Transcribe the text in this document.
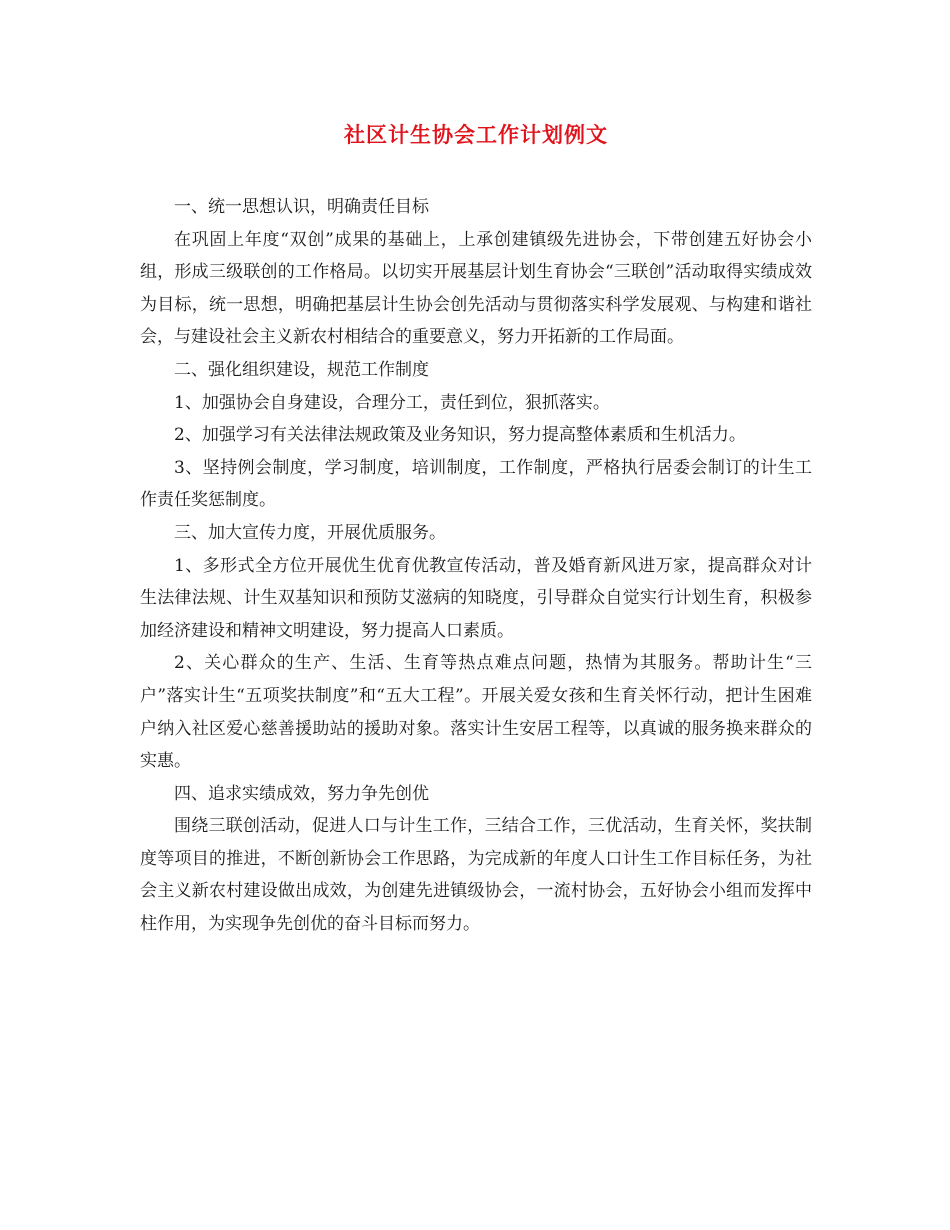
社区计生协会工作计划例文

一、统一思想认识，明确责任目标

在巩固上年度“双创”成果的基础上，上承创建镇级先进协会，下带创建五好协会小组，形成三级联创的工作格局。以切实开展基层计划生育协会“三联创”活动取得实绩成效为目标，统一思想，明确把基层计生协会创先活动与贯彻落实科学发展观、与构建和谐社会，与建设社会主义新农村相结合的重要意义，努力开拓新的工作局面。

二、强化组织建设，规范工作制度

1、加强协会自身建设，合理分工，责任到位，狠抓落实。

2、加强学习有关法律法规政策及业务知识，努力提高整体素质和生机活力。

3、坚持例会制度，学习制度，培训制度，工作制度，严格执行居委会制订的计生工作责任奖惩制度。

三、加大宣传力度，开展优质服务。

1、多形式全方位开展优生优育优教宣传活动，普及婚育新风进万家，提高群众对计生法律法规、计生双基知识和预防艾滋病的知晓度，引导群众自觉实行计划生育，积极参加经济建设和精神文明建设，努力提高人口素质。

2、关心群众的生产、生活、生育等热点难点问题，热情为其服务。帮助计生“三户”落实计生“五项奖扶制度”和“五大工程”。开展关爱女孩和生育关怀行动，把计生困难户纳入社区爱心慈善援助站的援助对象。落实计生安居工程等，以真诚的服务换来群众的实惠。

四、追求实绩成效，努力争先创优

围绕三联创活动，促进人口与计生工作，三结合工作，三优活动，生育关怀，奖扶制度等项目的推进，不断创新协会工作思路，为完成新的年度人口计生工作目标任务，为社会主义新农村建设做出成效，为创建先进镇级协会，一流村协会，五好协会小组而发挥中柱作用，为实现争先创优的奋斗目标而努力。
